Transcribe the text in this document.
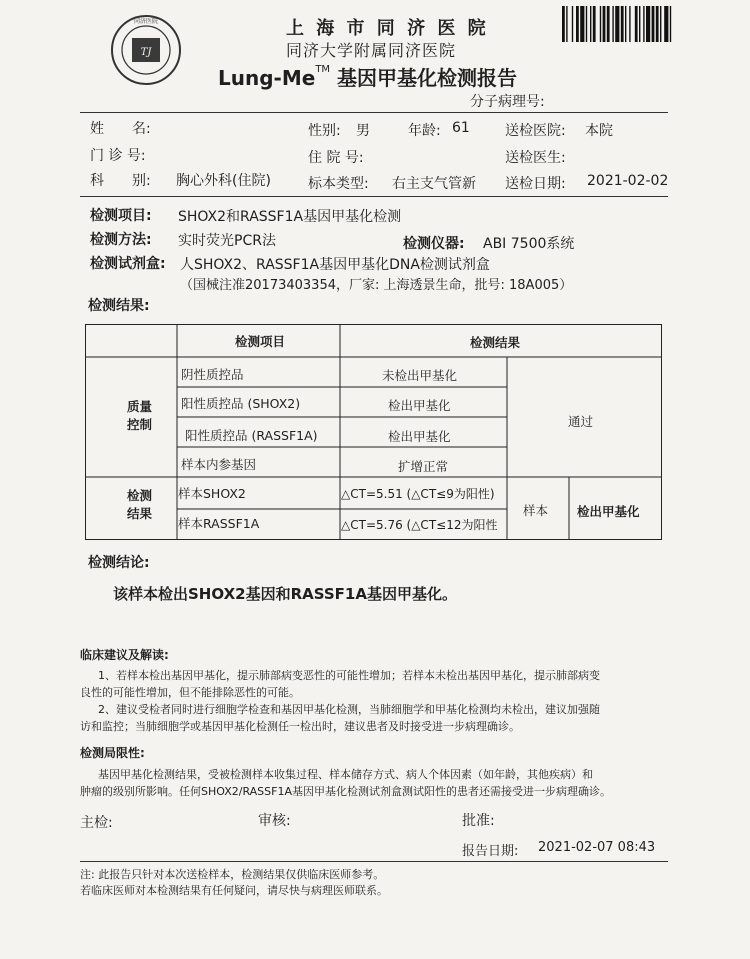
TJ
同济医院	上 海 市 同 济 医 院
同济大学附属同济医院
Lung-Me™ 基因甲基化检测报告
分子病理号:
姓　　名:	性别: 男	年龄: 61	送检医院: 本院
门 诊 号:	住 院 号:	送检医生:
科　　别: 胸心外科(住院)	标本类型: 右主支气管新 送检日期: 2021-02-02
检测项目: SHOX2和RASSF1A基因甲基化检测
检测方法: 实时荧光PCR法	检测仪器: ABI 7500系统
检测试剂盒: 人SHOX2、RASSF1A基因甲基化DNA检测试剂盒
（国械注准20173403354，厂家: 上海透景生命，批号: 18A005）
检测结果:
检测项目	检测结果
质量
控制
阴性质控品	未检出甲基化
阳性质控品 (SHOX2)	检出甲基化
阳性质控品 (RASSF1A)	检出甲基化
样本内参基因	扩增正常
通过
检测
结果
样本SHOX2	△CT=5.51 (△CT≤9为阳性)
样本RASSF1A	△CT=5.76 (△CT≤12为阳性
样本 检出甲基化
检测结论:
该样本检出SHOX2基因和RASSF1A基因甲基化。
临床建议及解读:
1、若样本检出基因甲基化，提示肺部病变恶性的可能性增加；若样本未检出基因甲基化，提示肺部病变
良性的可能性增加，但不能排除恶性的可能。
2、建议受检者同时进行细胞学检查和基因甲基化检测，当肺细胞学和甲基化检测均未检出，建议加强随
访和监控；当肺细胞学或基因甲基化检测任一检出时，建议患者及时接受进一步病理确诊。
检测局限性:
基因甲基化检测结果，受被检测样本收集过程、样本储存方式、病人个体因素（如年龄，其他疾病）和
肿瘤的级别所影响。任何SHOX2/RASSF1A基因甲基化检测试剂盒测试阳性的患者还需接受进一步病理确诊。
主检:	审核:	批准:
报告日期: 2021-02-07 08:43
注: 此报告只针对本次送检样本，检测结果仅供临床医师参考。
若临床医师对本检测结果有任何疑问，请尽快与病理医师联系。
